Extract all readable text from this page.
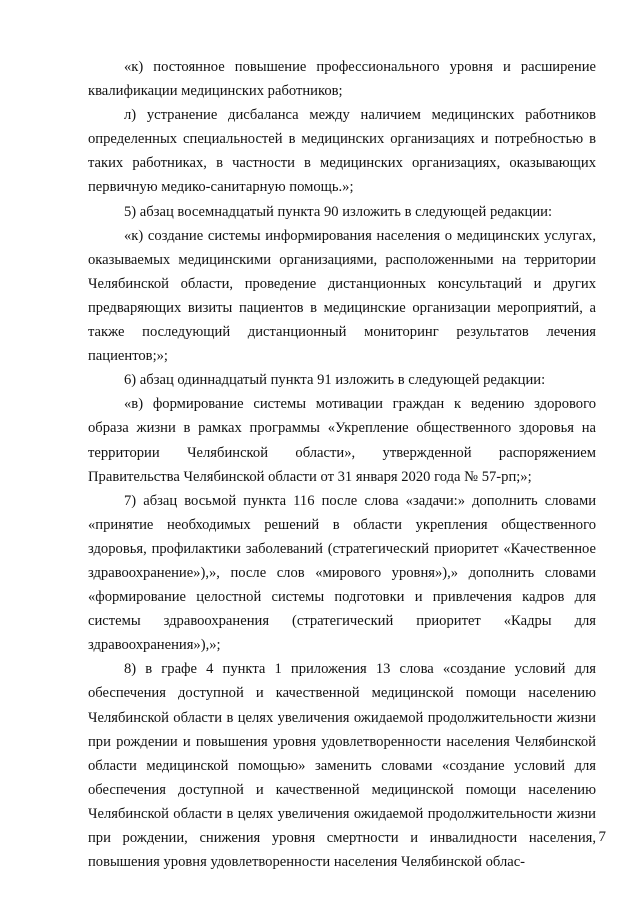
«к) постоянное повышение профессионального уровня и расширение квалификации медицинских работников;

л) устранение дисбаланса между наличием медицинских работников определенных специальностей в медицинских организациях и потребностью в таких работниках, в частности в медицинских организациях, оказывающих первичную медико-санитарную помощь.»;

5) абзац восемнадцатый пункта 90 изложить в следующей редакции:

«к) создание системы информирования населения о медицинских услугах, оказываемых медицинскими организациями, расположенными на территории Челябинской области, проведение дистанционных консультаций и других предваряющих визиты пациентов в медицинские организации мероприятий, а также последующий дистанционный мониторинг результатов лечения пациентов;»;

6) абзац одиннадцатый пункта 91 изложить в следующей редакции:

«в) формирование системы мотивации граждан к ведению здорового образа жизни в рамках программы «Укрепление общественного здоровья на территории Челябинской области», утвержденной распоряжением Правительства Челябинской области от 31 января 2020 года № 57-рп;»;

7) абзац восьмой пункта 116 после слова «задачи:» дополнить словами «принятие необходимых решений в области укрепления общественного здоровья, профилактики заболеваний (стратегический приоритет «Качественное здравоохранение»),», после слов «мирового уровня»),» дополнить словами «формирование целостной системы подготовки и привлечения кадров для системы здравоохранения (стратегический приоритет «Кадры для здравоохранения»),»;

8) в графе 4 пункта 1 приложения 13 слова «создание условий для обеспечения доступной и качественной медицинской помощи населению Челябинской области в целях увеличения ожидаемой продолжительности жизни при рождении и повышения уровня удовлетворенности населения Челябинской области медицинской помощью» заменить словами «создание условий для обеспечения доступной и качественной медицинской помощи населению Челябинской области в целях увеличения ожидаемой продолжительности жизни при рождении, снижения уровня смертности и инвалидности населения, повышения уровня удовлетворенности населения Челябинской облас-

7
